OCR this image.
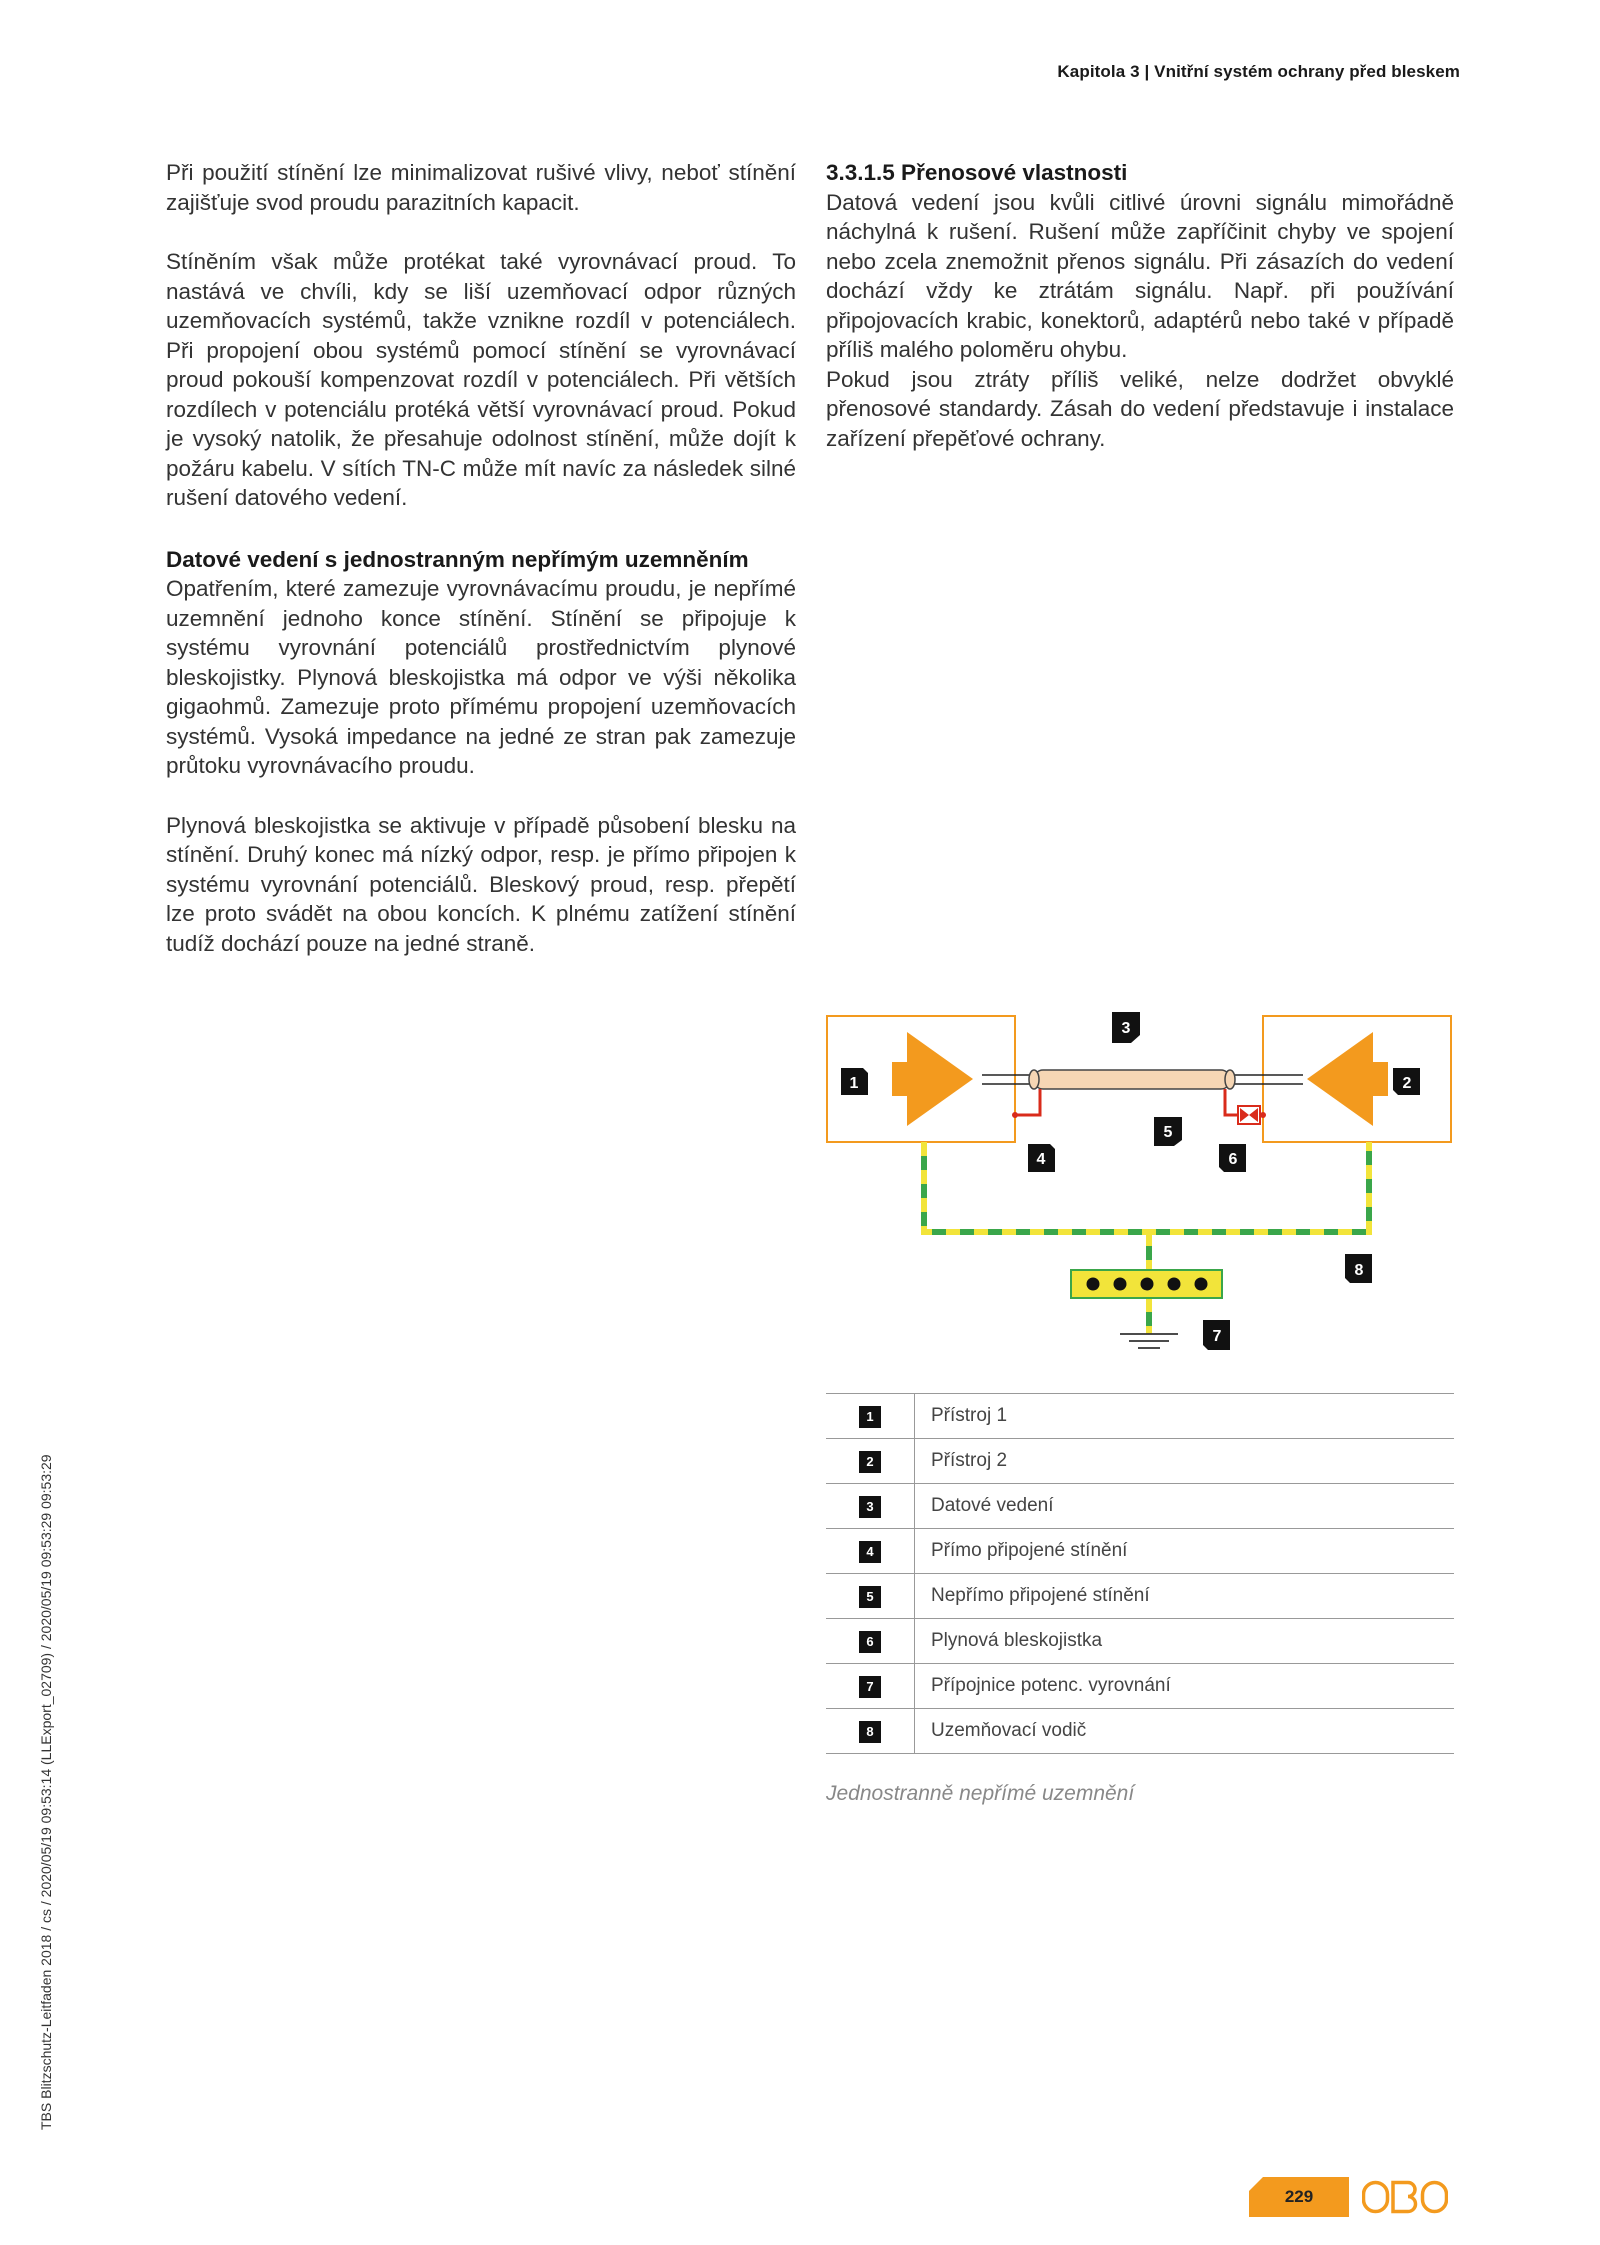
Kapitola 3 | Vnitřní systém ochrany před bleskem

Při použití stínění lze minimalizovat rušivé vlivy, neboť stínění zajišťuje svod proudu parazitních kapacit.

Stíněním však může protékat také vyrovnávací proud. To nastává ve chvíli, kdy se liší uzemňovací odpor různých uzemňovacích systémů, takže vznikne rozdíl v potenciálech. Při propojení obou systémů pomocí stínění se vyrovnávací proud pokouší kompenzovat rozdíl v potenciálech. Při větších rozdílech v potenciálu protéká větší vyrovnávací proud. Pokud je vysoký natolik, že přesahuje odolnost stínění, může dojít k požáru kabelu. V sítích TN-C může mít navíc za následek silné rušení datového vedení.

Datové vedení s jednostranným nepřímým uzemněním

Opatřením, které zamezuje vyrovnávacímu proudu, je nepřímé uzemnění jednoho konce stínění. Stínění se připojuje k systému vyrovnání potenciálů prostřednictvím plynové bleskojistky. Plynová bleskojistka má odpor ve výši několika gigaohmů. Zamezuje proto přímému propojení uzemňovacích systémů. Vysoká impedance na jedné ze stran pak zamezuje průtoku vyrovnávacího proudu.

Plynová bleskojistka se aktivuje v případě působení blesku na stínění. Druhý konec má nízký odpor, resp. je přímo připojen k systému vyrovnání potenciálů. Bleskový proud, resp. přepětí lze proto svádět na obou koncích. K plnému zatížení stínění tudíž dochází pouze na jedné straně.

3.3.1.5 Přenosové vlastnosti

Datová vedení jsou kvůli citlivé úrovni signálu mimořádně náchylná k rušení. Rušení může zapříčinit chyby ve spojení nebo zcela znemožnit přenos signálu. Při zásazích do vedení dochází vždy ke ztrátám signálu. Např. při používání připojovacích krabic, konektorů, adaptérů nebo také v případě příliš malého poloměru ohybu.

Pokud jsou ztráty příliš veliké, nelze dodržet obvyklé přenosové standardy. Zásah do vedení představuje i instalace zařízení přepěťové ochrany.

1	2
3
4
5
6
7
8
1	Přístroj 1
2	Přístroj 2
3	Datové vedení
4	Přímo připojené stínění
5	Nepřímo připojené stínění
6	Plynová bleskojistka
7	Přípojnice potenc. vyrovnání
8	Uzemňovací vodič
Jednostranně nepřímé uzemnění
TBS Blitzschutz-Leitfaden 2018 / cs / 2020/05/19 09:53:14 (LLExport_02709) / 2020/05/19 09:53:29 09:53:29
229
